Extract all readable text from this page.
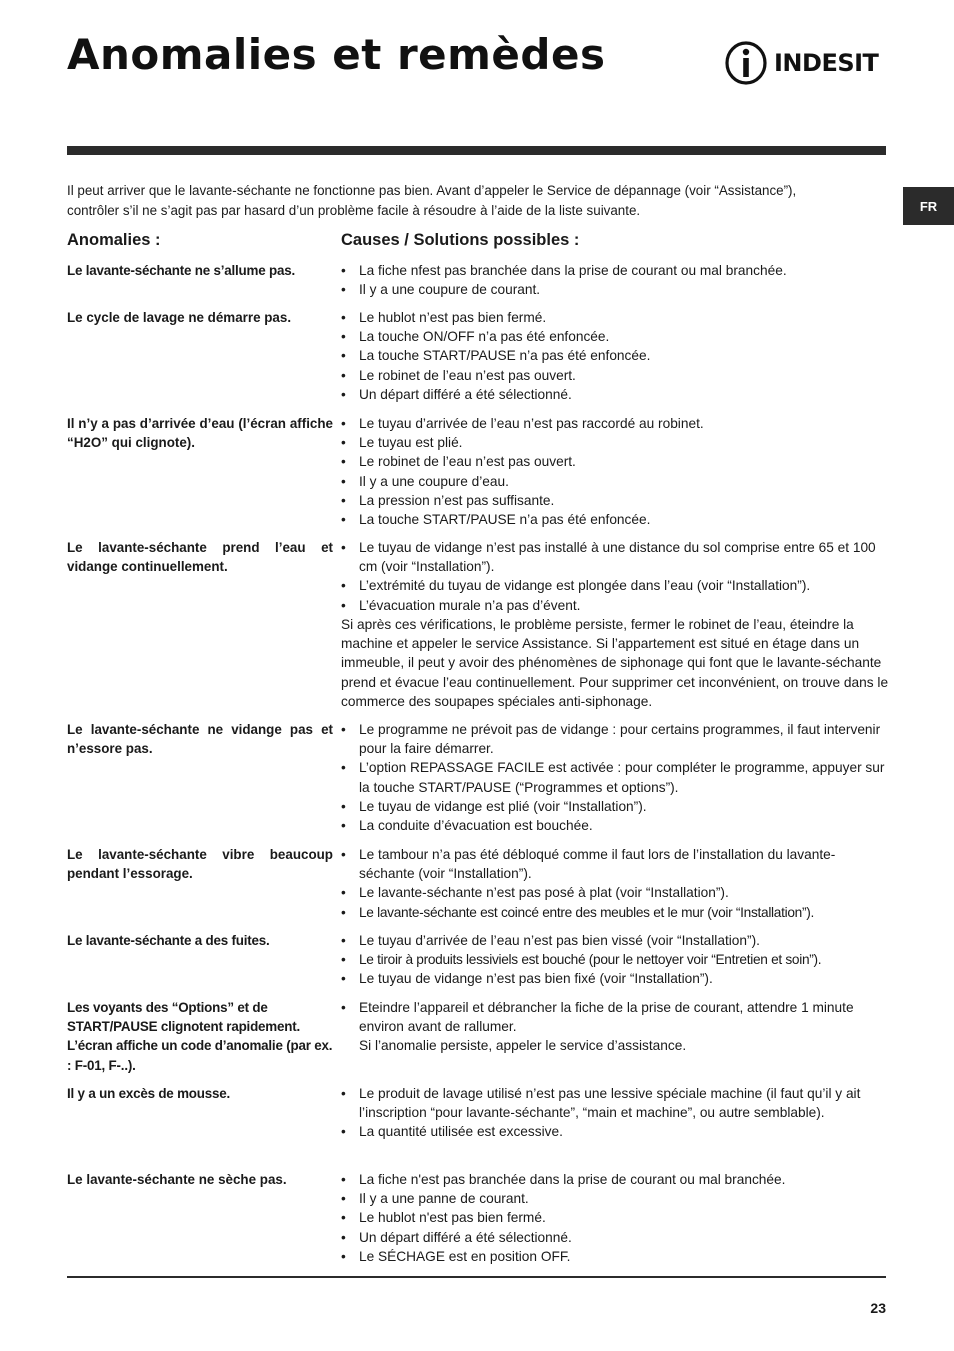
Anomalies et remèdes	INDESIT
FR

Il peut arriver que le lavante-séchante ne fonctionne pas bien. Avant d’appeler le Service de dépannage (voir “Assistance”), contrôler s’il ne s’agit pas par hasard d’un problème facile à résoudre à l’aide de la liste suivante.

Anomalies :	Causes / Solutions possibles :

Le lavante-séchante ne s’allume pas.	• La fiche nfest pas branchée dans la prise de courant ou mal branchée.
• Il y a une coupure de courant.

Le cycle de lavage ne démarre pas.	• Le hublot n’est pas bien fermé.
• La touche ON/OFF n’a pas été enfoncée.
• La touche START/PAUSE n’a pas été enfoncée.
• Le robinet de l’eau n’est pas ouvert.
• Un départ différé a été sélectionné.

Il n’y a pas d’arrivée d’eau (l’écran affiche “H2O” qui clignote).

• Le tuyau d’arrivée de l’eau n’est pas raccordé au robinet.
• Le tuyau est plié.
• Le robinet de l’eau n’est pas ouvert.
• Il y a une coupure d’eau.
• La pression n’est pas suffisante.
• La touche START/PAUSE n’a pas été enfoncée.

Le lavante-séchante prend l’eau et vidange continuellement.

• Le tuyau de vidange n’est pas installé à une distance du sol comprise entre 65 et 100 cm (voir “Installation”).
• L’extrémité du tuyau de vidange est plongée dans l’eau (voir “Installation”).
• L’évacuation murale n’a pas d’évent.

Si après ces vérifications, le problème persiste, fermer le robinet de l’eau, éteindre la machine et appeler le service Assistance. Si l’appartement est situé en étage dans un immeuble, il peut y avoir des phénomènes de siphonage qui font que le lavante-séchante prend et évacue l’eau continuellement. Pour supprimer cet inconvénient, on trouve dans le commerce des soupapes spéciales anti-siphonage.

Le lavante-séchante ne vidange pas et n’essore pas.

• Le programme ne prévoit pas de vidange : pour certains programmes, il faut intervenir pour la faire démarrer.
• L’option REPASSAGE FACILE est activée : pour compléter le programme, appuyer sur la touche START/PAUSE (“Programmes et options”).
• Le tuyau de vidange est plié (voir “Installation”).
• La conduite d’évacuation est bouchée.

Le lavante-séchante vibre beaucoup pendant l’essorage.

• Le tambour n’a pas été débloqué comme il faut lors de l’installation du lavante-séchante (voir “Installation”).
• Le lavante-séchante n’est pas posé à plat (voir “Installation”).
• Le lavante-séchante est coincé entre des meubles et le mur (voir “Installation”).

Le lavante-séchante a des fuites.	• Le tuyau d’arrivée de l’eau n’est pas bien vissé (voir “Installation”).
• Le tiroir à produits lessiviels est bouché (pour le nettoyer voir “Entretien et soin”).
• Le tuyau de vidange n’est pas bien fixé (voir “Installation”).

Les voyants des “Options” et de START/PAUSE clignotent rapidement. L’écran affiche un code d’anomalie (par ex. : F-01, F-..).

• Eteindre l’appareil et débrancher la fiche de la prise de courant, attendre 1 minute environ avant de rallumer.
Si l’anomalie persiste, appeler le service d’assistance.

Il y a un excès de mousse.	• Le produit de lavage utilisé n’est pas une lessive spéciale machine (il faut qu’il y ait l’inscription “pour lavante-séchante”, “main et machine”, ou autre semblable).
• La quantité utilisée est excessive.

Le lavante-séchante ne sèche pas.	• La fiche n'est pas branchée dans la prise de courant ou mal branchée.
• Il y a une panne de courant.
• Le hublot n'est pas bien fermé.
• Un départ différé a été sélectionné.
• Le SÉCHAGE est en position OFF.
23
